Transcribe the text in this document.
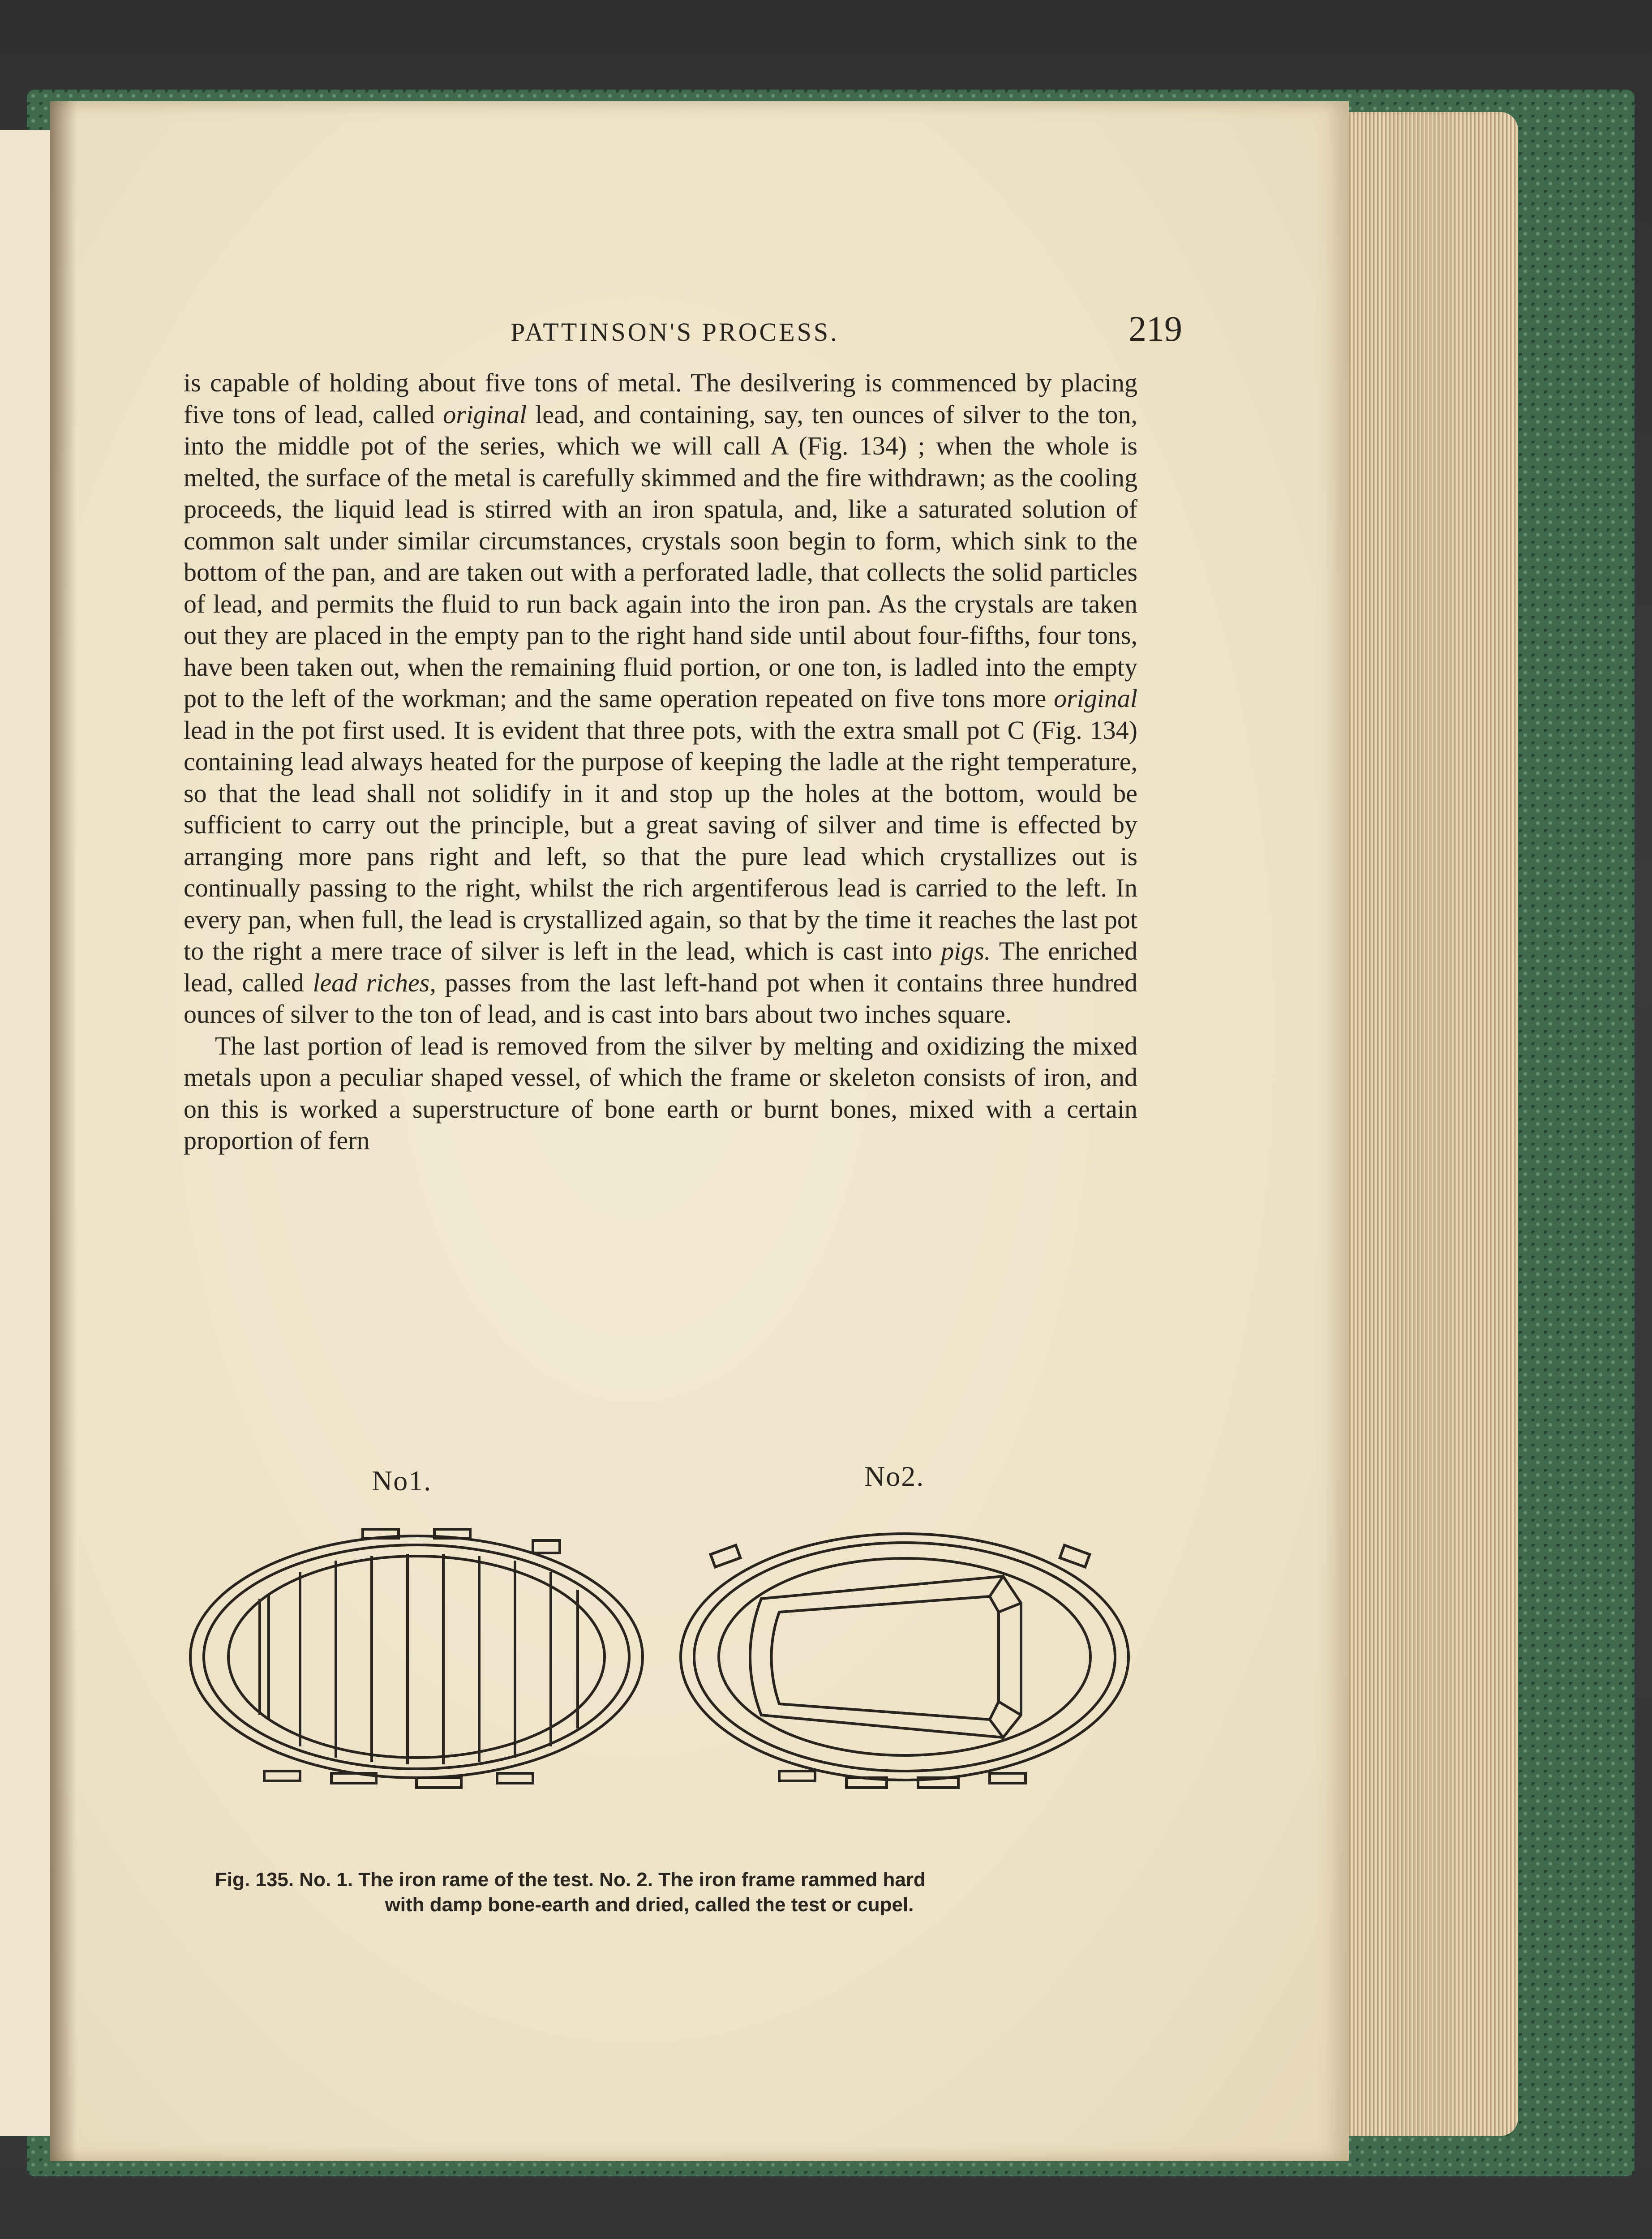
PATTINSON'S PROCESS.	219

is capable of holding about five tons of metal. The desilvering is commenced by placing five tons of lead, called original lead, and containing, say, ten ounces of silver to the ton, into the middle pot of the series, which we will call A (Fig. 134) ; when the whole is melted, the surface of the metal is carefully skimmed and the fire withdrawn; as the cooling proceeds, the liquid lead is stirred with an iron spatula, and, like a saturated solution of common salt under similar circumstances, crystals soon begin to form, which sink to the bottom of the pan, and are taken out with a perforated ladle, that collects the solid particles of lead, and permits the fluid to run back again into the iron pan. As the crystals are taken out they are placed in the empty pan to the right hand side until about four-fifths, four tons, have been taken out, when the remaining fluid portion, or one ton, is ladled into the empty pot to the left of the workman; and the same operation repeated on five tons more original lead in the pot first used. It is evident that three pots, with the extra small pot C (Fig. 134) containing lead always heated for the purpose of keeping the ladle at the right temperature, so that the lead shall not solidify in it and stop up the holes at the bottom, would be sufficient to carry out the principle, but a great saving of silver and time is effected by arranging more pans right and left, so that the pure lead which crystallizes out is continually passing to the right, whilst the rich argentiferous lead is carried to the left. In every pan, when full, the lead is crystallized again, so that by the time it reaches the last pot to the right a mere trace of silver is left in the lead, which is cast into pigs. The enriched lead, called lead riches, passes from the last left-hand pot when it contains three hundred ounces of silver to the ton of lead, and is cast into bars about two inches square.

The last portion of lead is removed from the silver by melting and oxidizing the mixed metals upon a peculiar shaped vessel, of which the frame or skeleton consists of iron, and on this is worked a superstructure of bone earth or burnt bones, mixed with a certain proportion of fern

No1.	No2.
Fig. 135. No. 1. The iron rame of the test. No. 2. The iron frame rammed hard
with damp bone-earth and dried, called the test or cupel.
